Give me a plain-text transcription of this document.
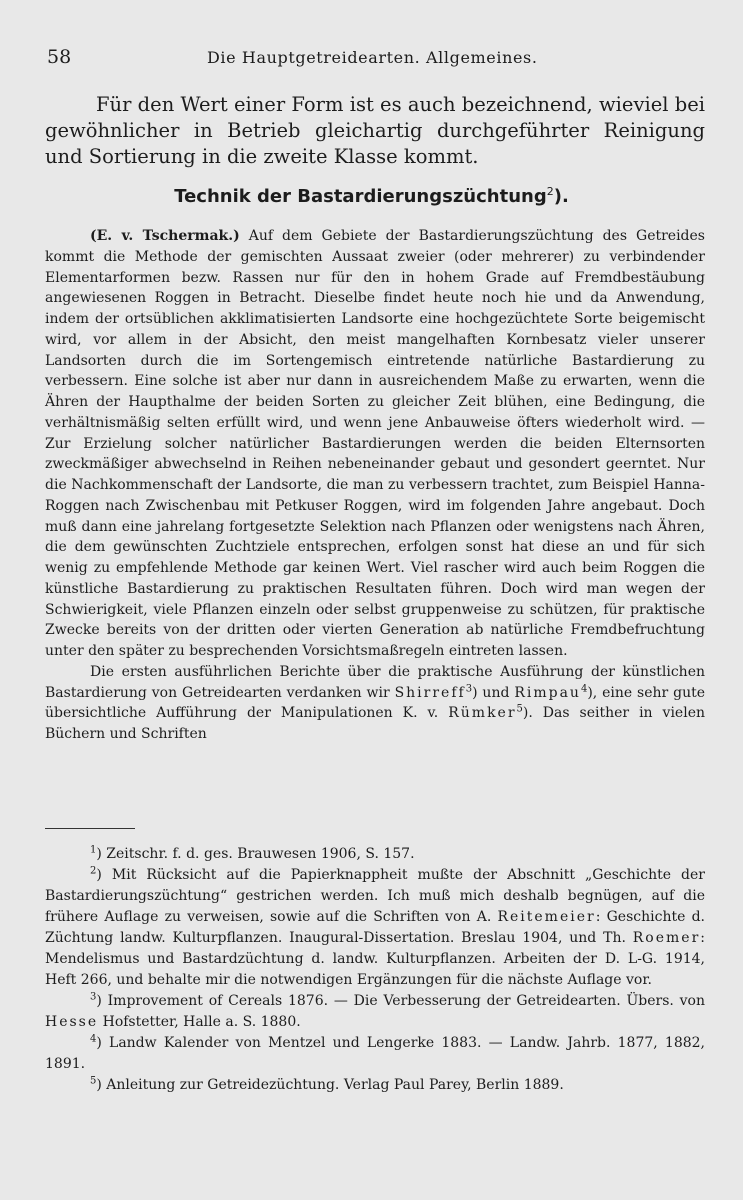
58	Die Hauptgetreidearten. Allgemeines.

Für den Wert einer Form ist es auch bezeichnend, wieviel bei gewöhnlicher in Betrieb gleichartig durchgeführter Reinigung und Sortierung in die zweite Klasse kommt.

Technik der Bastardierungszüchtung$^2$).

(E. v. Tschermak.) Auf dem Gebiete der Bastardierungszüchtung des Getreides kommt die Methode der gemischten Aussaat zweier (oder mehrerer) zu verbindender Elementarformen bezw. Rassen nur für den in hohem Grade auf Fremdbestäubung angewiesenen Roggen in Betracht. Dieselbe findet heute noch hie und da Anwendung, indem der ortsüblichen akklimatisierten Landsorte eine hochgezüchtete Sorte beigemischt wird, vor allem in der Absicht, den meist mangelhaften Kornbesatz vieler unserer Landsorten durch die im Sortengemisch eintretende natürliche Bastardierung zu verbessern. Eine solche ist aber nur dann in ausreichendem Maße zu erwarten, wenn die Ähren der Haupthalme der beiden Sorten zu gleicher Zeit blühen, eine Bedingung, die verhältnismäßig selten erfüllt wird, und wenn jene Anbauweise öfters wiederholt wird. — Zur Erzielung solcher natürlicher Bastardierungen werden die beiden Elternsorten zweckmäßiger abwechselnd in Reihen nebeneinander gebaut und gesondert geerntet. Nur die Nachkommenschaft der Landsorte, die man zu verbessern trachtet, zum Beispiel Hanna-Roggen nach Zwischenbau mit Petkuser Roggen, wird im folgenden Jahre angebaut. Doch muß dann eine jahrelang fortgesetzte Selektion nach Pflanzen oder wenigstens nach Ähren, die dem gewünschten Zuchtziele entsprechen, erfolgen sonst hat diese an und für sich wenig zu empfehlende Methode gar keinen Wert. Viel rascher wird auch beim Roggen die künstliche Bastardierung zu praktischen Resultaten führen. Doch wird man wegen der Schwierigkeit, viele Pflanzen einzeln oder selbst gruppenweise zu schützen, für praktische Zwecke bereits von der dritten oder vierten Generation ab natürliche Fremdbefruchtung unter den später zu besprechenden Vorsichtsmaßregeln eintreten lassen.

Die ersten ausführlichen Berichte über die praktische Ausführung der künstlichen Bastardierung von Getreidearten verdanken wir Shirreff$^3$) und Rimpau$^4$), eine sehr gute übersichtliche Aufführung der Manipulationen K. v. Rümker$^5$). Das seither in vielen Büchern und Schriften

$^1$) Zeitschr. f. d. ges. Brauwesen 1906, S. 157.

$^2$) Mit Rücksicht auf die Papierknappheit mußte der Abschnitt „Geschichte der Bastardierungszüchtung“ gestrichen werden. Ich muß mich deshalb begnügen, auf die frühere Auflage zu verweisen, sowie auf die Schriften von A. Reitemeier: Geschichte d. Züchtung landw. Kulturpflanzen. Inaugural-Dissertation. Breslau 1904, und Th. Roemer: Mendelismus und Bastardzüchtung d. landw. Kulturpflanzen. Arbeiten der D. L-G. 1914, Heft 266, und behalte mir die notwendigen Ergänzungen für die nächste Auflage vor.

$^3$) Improvement of Cereals 1876. — Die Verbesserung der Getreidearten. Übers. von Hesse Hofstetter, Halle a. S. 1880.

$^4$) Landw Kalender von Mentzel und Lengerke 1883. — Landw. Jahrb. 1877, 1882, 1891.

$^5$) Anleitung zur Getreidezüchtung. Verlag Paul Parey, Berlin 1889.
